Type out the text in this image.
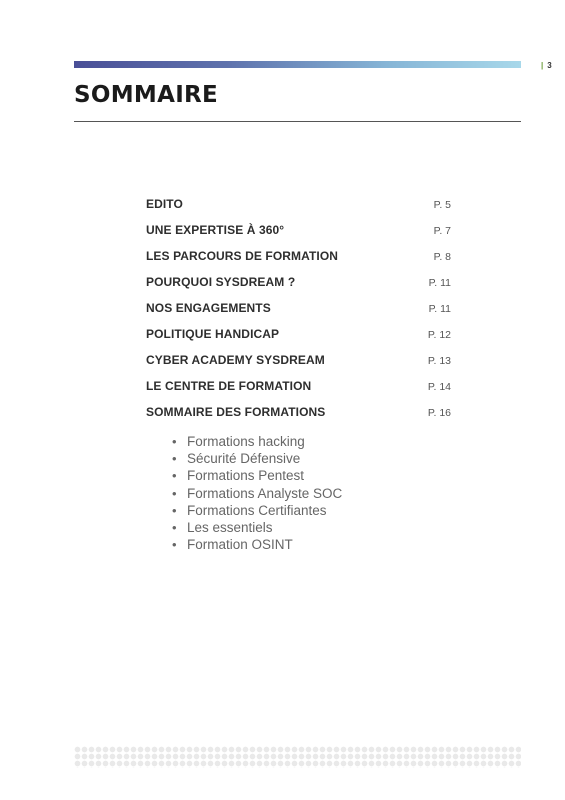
| 3
SOMMAIRE
EDITO	P. 5
UNE EXPERTISE À 360°	P. 7
LES PARCOURS DE FORMATION	P. 8
POURQUOI SYSDREAM ?	P. 11
NOS ENGAGEMENTS	P. 11
POLITIQUE HANDICAP	P. 12
CYBER ACADEMY SYSDREAM	P. 13
LE CENTRE DE FORMATION	P. 14
SOMMAIRE DES FORMATIONS	P. 16
• Formations hacking
• Sécurité Défensive
• Formations Pentest
• Formations Analyste SOC
• Formations Certifiantes
• Les essentiels
• Formation OSINT
